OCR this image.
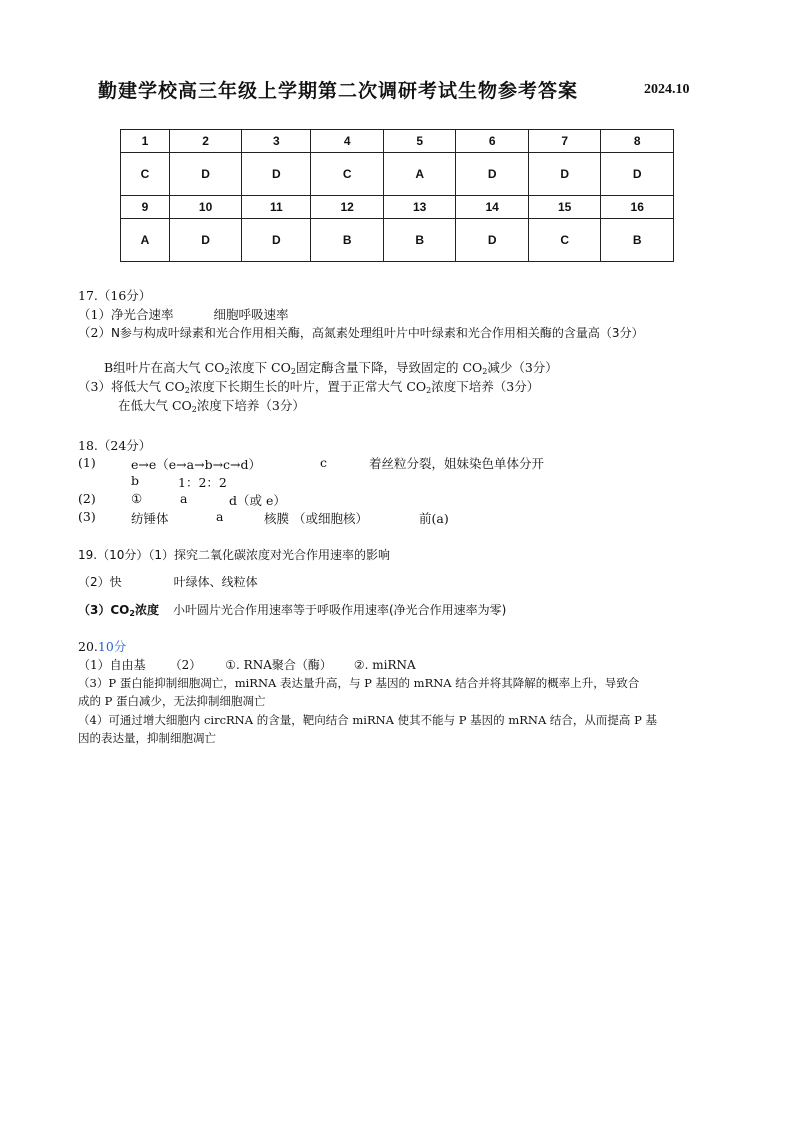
勤建学校高三年级上学期第二次调研考试生物参考答案	2024.10
1	2	3	4	5	6	7	8
C	D	D	C	A	D	D	D
9	10	11	12	13	14	15	16
A	D	D	B	B	D	C	B
17.（16分）
（1）净光合速率	细胞呼吸速率
（2）N参与构成叶绿素和光合作用相关酶，高氮素处理组叶片中叶绿素和光合作用相关酶的含量高（3分）
B组叶片在高大气 $CO_2$浓度下 $CO_2$固定酶含量下降，导致固定的 $CO_2$减少（3分）
（3）将低大气 $CO_2$浓度下长期生长的叶片，置于正常大气 $CO_2$浓度下培养（3分）
在低大气 $CO_2$浓度下培养（3分）
18.（24分）
(1)	e→e（e→a→b→c→d）	c	着丝粒分裂，姐妹染色单体分开
b	1：2：2
(2)	①	a	d（或 e）
(3)	纺锤体	a	核膜 （或细胞核）	前(a)
19.（10分）（1）探究二氧化碳浓度对光合作用速率的影响
（2）快	叶绿体、线粒体
$(3)CO_2$浓度 小叶圆片光合作用速率等于呼吸作用速率(净光合作用速率为零)
20.10分
（1）自由基 （2） ①. RNA聚合（酶） ②. miRNA
（3）P 蛋白能抑制细胞凋亡，miRNA 表达量升高，与 P 基因的 mRNA 结合并将其降解的概率上升，导致合
成的 P 蛋白减少，无法抑制细胞凋亡
（4）可通过增大细胞内 circRNA 的含量，靶向结合 miRNA 使其不能与 P 基因的 mRNA 结合，从而提高 P 基
因的表达量，抑制细胞凋亡
